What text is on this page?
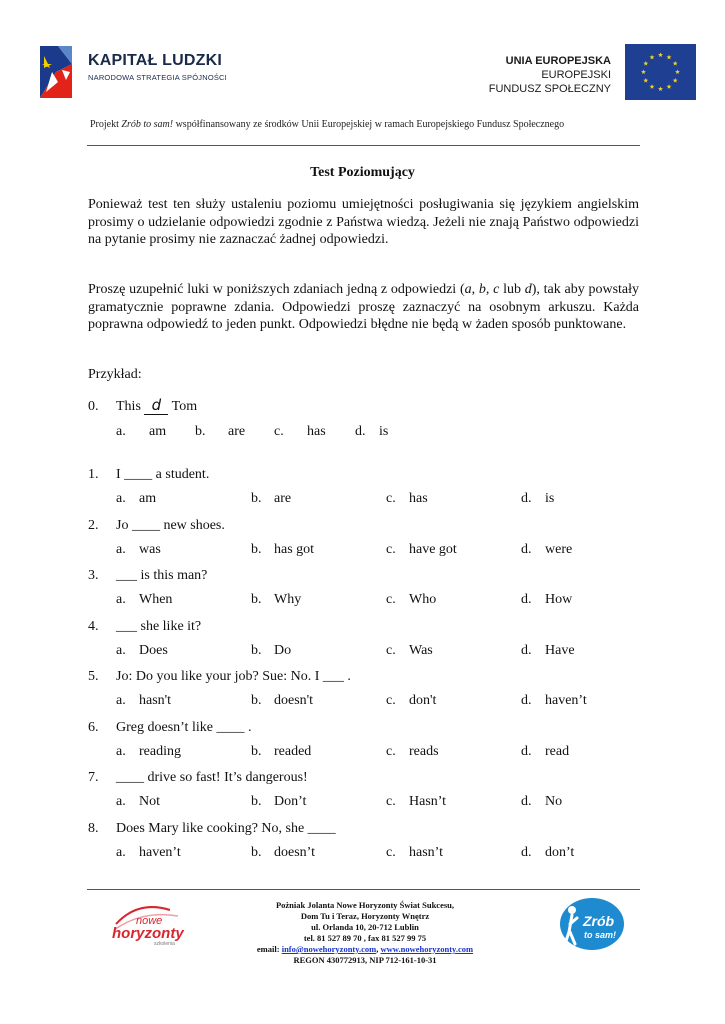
KAPITAŁ LUDZKI
NARODOWA STRATEGIA SPÓJNOŚCI
UNIA EUROPEJSKA
EUROPEJSKI
FUNDUSZ SPOŁECZNY
Projekt Zrób to sam! współfinansowany ze środków Unii Europejskiej w ramach Europejskiego Fundusz Społecznego
Test Poziomujący
Ponieważ test ten służy ustaleniu poziomu umiejętności posługiwania się językiem angielskim prosimy o udzielanie odpowiedzi zgodnie z Państwa wiedzą. Jeżeli nie znają Państwo odpowiedzi na pytanie prosimy nie zaznaczać żadnej odpowiedzi.
Proszę uzupełnić luki w poniższych zdaniach jedną z odpowiedzi (a, b, c lub d), tak aby powstały gramatycznie poprawne zdania. Odpowiedzi proszę zaznaczyć na osobnym arkuszu. Każda poprawna odpowiedź to jeden punkt. Odpowiedzi błędne nie będą w żaden sposób punktowane.
Przykład:
0. This d Tom
a. am b. are c. has d. is
1. I ____ a student.
a. am	b. are	c. has	d. is
2. Jo ____ new shoes.
a. was	b. has got	c. have got	d. were
3. ___ is this man?
a. When	b. Why	c. Who	d. How
4. ___ she like it?
a. Does	b. Do	c. Was	d. Have
5. Jo: Do you like your job? Sue: No. I ___ .
a. hasn't	b. doesn't	c. don't	d. haven’t
6. Greg doesn’t like ____ .
a. reading	b. readed	c. reads	d. read
7. ____ drive so fast! It’s dangerous!
a. Not	b. Don’t	c. Hasn’t	d. No
8. Does Mary like cooking? No, she ____
a. haven’t	b. doesn’t	c. hasn’t	d. don’t
nowe
horyzonty
szkolenia
Pożniak Jolanta Nowe Horyzonty Świat Sukcesu,
Dom Tu i Teraz, Horyzonty Wnętrz
ul. Orlanda 10, 20-712 Lublin
tel. 81 527 89 70 , fax 81 527 99 75
email: info@nowehoryzonty.com, www.nowehoryzonty.com
REGON 430772913, NIP 712-161-10-31
Zrób
to sam!
